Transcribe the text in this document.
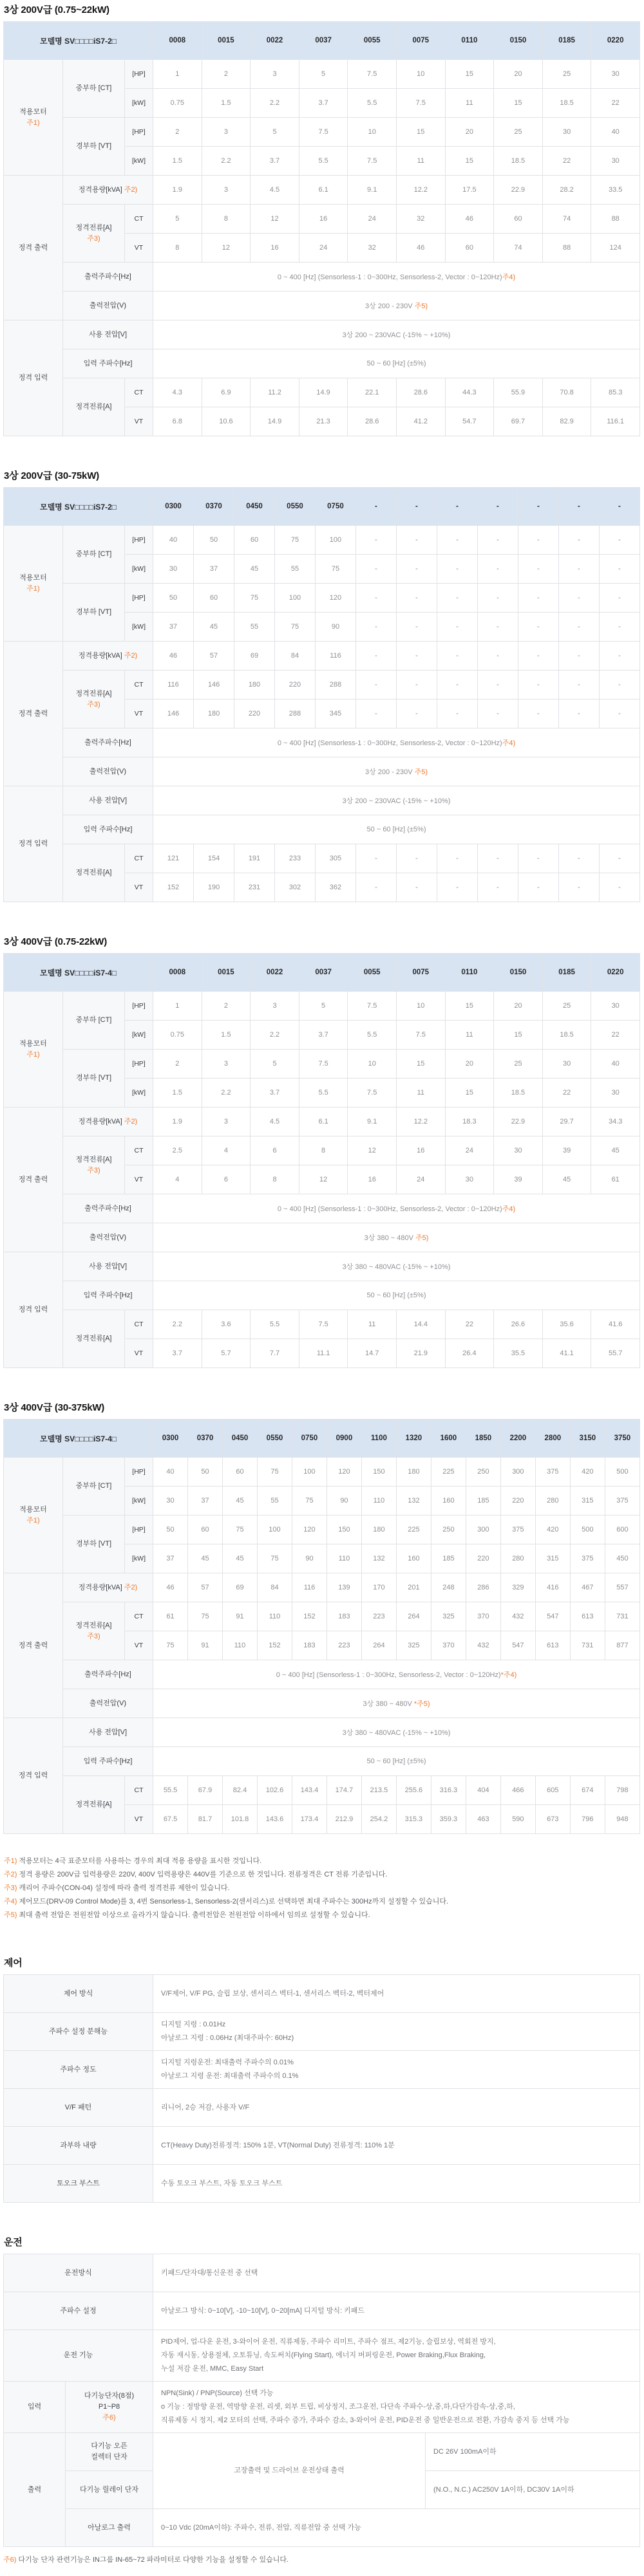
3상 200V급 (0.75~22kW)
모델명 SV□□□□iS7-2□			0008	0015	0022	0037	0055	0075	0110	0150	0185	0220
적용모터
주1)	중부하 [CT]	[HP]	1	2	3	5	7.5	10	15	20	25	30
		[kW]	0.75	1.5	2.2	3.7	5.5	7.5	11	15	18.5	22
	경부하 [VT]	[HP]	2	3	5	7.5	10	15	20	25	30	40
		[kW]	1.5	2.2	3.7	5.5	7.5	11	15	18.5	22	30
정격 출력	정격용량[kVA] 주2)		1.9	3	4.5	6.1	9.1	12.2	17.5	22.9	28.2	33.5
	정격전류[A]
주3)	CT	5	8	12	16	24	32	46	60	74	88
		VT	8	12	16	24	32	46	60	74	88	124
	출력주파수[Hz]		0 ~ 400 [Hz] (Sensorless-1 : 0~300Hz, Sensorless-2, Vector : 0~120Hz)주4)									
	출력전압(V)		3상 200 - 230V 주5)									
정격 입력	사용 전압[V]		3상 200 ~ 230VAC (-15% ~ +10%)									
	입력 주파수[Hz]		50 ~ 60 [Hz] (±5%)									
	정격전류[A]	CT	4.3	6.9	11.2	14.9	22.1	28.6	44.3	55.9	70.8	85.3
		VT	6.8	10.6	14.9	21.3	28.6	41.2	54.7	69.7	82.9	116.1
3상 200V급 (30-75kW)
모델명 SV□□□□iS7-2□			0300	0370	0450	0550	0750	-	-	-	-	-	-	-
적용모터
주1)	중부하 [CT]	[HP]	40	50	60	75	100	-	-	-	-	-	-	-
		[kW]	30	37	45	55	75	-	-	-	-	-	-	-
	경부하 [VT]	[HP]	50	60	75	100	120	-	-	-	-	-	-	-
		[kW]	37	45	55	75	90	-	-	-	-	-	-	-
정격 출력	정격용량[kVA] 주2)		46	57	69	84	116	-	-	-	-	-	-	-
	정격전류[A]
주3)	CT	116	146	180	220	288	-	-	-	-	-	-	-
		VT	146	180	220	288	345	-	-	-	-	-	-	-
	출력주파수[Hz]		0 ~ 400 [Hz] (Sensorless-1 : 0~300Hz, Sensorless-2, Vector : 0~120Hz)주4)											
	출력전압(V)		3상 200 - 230V 주5)											
정격 입력	사용 전압[V]		3상 200 ~ 230VAC (-15% ~ +10%)											
	입력 주파수[Hz]		50 ~ 60 [Hz] (±5%)											
	정격전류[A]	CT	121	154	191	233	305	-	-	-	-	-	-	-
		VT	152	190	231	302	362	-	-	-	-	-	-	-
3상 400V급 (0.75-22kW)
모델명 SV□□□□iS7-4□			0008	0015	0022	0037	0055	0075	0110	0150	0185	0220
적용모터
주1)	중부하 [CT]	[HP]	1	2	3	5	7.5	10	15	20	25	30
		[kW]	0.75	1.5	2.2	3.7	5.5	7.5	11	15	18.5	22
	경부하 [VT]	[HP]	2	3	5	7.5	10	15	20	25	30	40
		[kW]	1.5	2.2	3.7	5.5	7.5	11	15	18.5	22	30
정격 출력	정격용량[kVA] 주2)		1.9	3	4.5	6.1	9.1	12.2	18.3	22.9	29.7	34.3
	정격전류[A]
주3)	CT	2.5	4	6	8	12	16	24	30	39	45
		VT	4	6	8	12	16	24	30	39	45	61
	출력주파수[Hz]		0 ~ 400 [Hz] (Sensorless-1 : 0~300Hz, Sensorless-2, Vector : 0~120Hz)주4)									
	출력전압(V)		3상 380 ~ 480V 주5)									
정격 입력	사용 전압[V]		3상 380 ~ 480VAC (-15% ~ +10%)									
	입력 주파수[Hz]		50 ~ 60 [Hz] (±5%)									
	정격전류[A]	CT	2.2	3.6	5.5	7.5	11	14.4	22	26.6	35.6	41.6
		VT	3.7	5.7	7.7	11.1	14.7	21.9	26.4	35.5	41.1	55.7
3상 400V급 (30-375kW)
모델명 SV□□□□iS7-4□			0300	0370	0450	0550	0750	0900	1100	1320	1600	1850	2200	2800	3150	3750
적용모터
주1)	중부하 [CT]	[HP]	40	50	60	75	100	120	150	180	225	250	300	375	420	500
		[kW]	30	37	45	55	75	90	110	132	160	185	220	280	315	375
	경부하 [VT]	[HP]	50	60	75	100	120	150	180	225	250	300	375	420	500	600
		[kW]	37	45	45	75	90	110	132	160	185	220	280	315	375	450
정격 출력	정격용량[kVA] 주2)		46	57	69	84	116	139	170	201	248	286	329	416	467	557
	정격전류[A]
주3)	CT	61	75	91	110	152	183	223	264	325	370	432	547	613	731
		VT	75	91	110	152	183	223	264	325	370	432	547	613	731	877
	출력주파수[Hz]		0 ~ 400 [Hz] (Sensorless-1 : 0~300Hz, Sensorless-2, Vector : 0~120Hz)*주4)													
	출력전압(V)		3상 380 ~ 480V *주5)													
정격 입력	사용 전압[V]		3상 380 ~ 480VAC (-15% ~ +10%)													
	입력 주파수[Hz]		50 ~ 60 [Hz] (±5%)													
	정격전류[A]	CT	55.5	67.9	82.4	102.6	143.4	174.7	213.5	255.6	316.3	404	466	605	674	798
		VT	67.5	81.7	101.8	143.6	173.4	212.9	254.2	315.3	359.3	463	590	673	796	948
주1) 적용모터는 4극 표준모터를 사용하는 경우의 최대 적용 용량을 표시한 것입니다.
주2) 정격 용량은 200V급 입력용량은 220V, 400V 입력용량은 440V를 기준으로 한 것입니다. 전류정격은 CT 전류 기준입니다.
주3) 캐리어 주파수(CON-04) 설정에 따라 출력 정격전류 제한이 있습니다.
주4) 제어모드(DRV-09 Control Mode)를 3, 4번 Sensorless-1, Sensorless-2(센서리스)로 선택하면 최대 주파수는 300Hz까지 설정할 수 있습니다.
주5) 최대 출력 전압은 전원전압 이상으로 올라가지 않습니다. 출력전압은 전원전압 이하에서 임의로 설정할 수 있습니다.
제어
제어 방식	V/F제어, V/F PG, 슬립 보상, 센서리스 벡터-1, 센서리스 벡터-2, 벡터제어
주파수 설정 분해능	디지털 지령 : 0.01Hz
아날로그 지령 : 0.06Hz (최대주파수: 60Hz)

주파수 정도	디지털 지령운전: 최대출력 주파수의 0.01%
아날로그 지령 운전: 최대출력 주파수의 0.1%

V/F 패턴	리니어, 2승 저감, 사용자 V/F
과부하 내량	CT(Heavy Duty)전류정격: 150% 1분, VT(Normal Duty) 전류정격: 110% 1분
토오크 부스트	수동 토오크 부스트, 자동 토오크 부스트
운전
운전방식		키패드/단자대/통신운전 중 선택	
주파수 설정		아날로그 방식: 0~10[V], -10~10[V], 0~20[mA] 디지털 방식: 키패드	
운전 기능		PID제어, 업-다운 운전, 3-와이어 운전, 직류제동, 주파수 리미트, 주파수 점프, 제2기능, 슬립보상, 역회전 방지,
자동 재시동, 상용절체, 오토튜닝, 속도써치(Flying Start), 에너지 버퍼링운전, Power Braking,Flux Braking,
누설 저감 운전, MMC, Easy Start	

입력	
다기능단자(8점)
P1~P8
주6)

NPN(Sink) / PNP(Source) 선택 가능
o 기능 : 정방향 운전, 역방향 운전, 리셋, 외부 트립, 비상정지, 조그운전, 다단속 주파수-상,중,하,다단가감속-상,중,하,
직류제동 시 정지, 제2 모터의 선택, 주파수 증가, 주파수 감소, 3-와이어 운전, PID운전 중 일반운전으로 전환, 가감속 중지 등 선택 가능

출력	다기능 오픈
컬렉터 단자	고장출력 및 드라이브 운전상태 출력	DC 26V 100mA이하
	다기능 릴레이 단자		(N.O., N.C.) AC250V 1A이하, DC30V 1A이하
	아날로그 출력	0~10 Vdc (20mA이하): 주파수, 전류, 전압, 직류전압 중 선택 가능	
주6) 다기능 단자 관련기능은 IN그룹 IN-65~72 파라미터로 다양한 기능을 설정할 수 있습니다.
